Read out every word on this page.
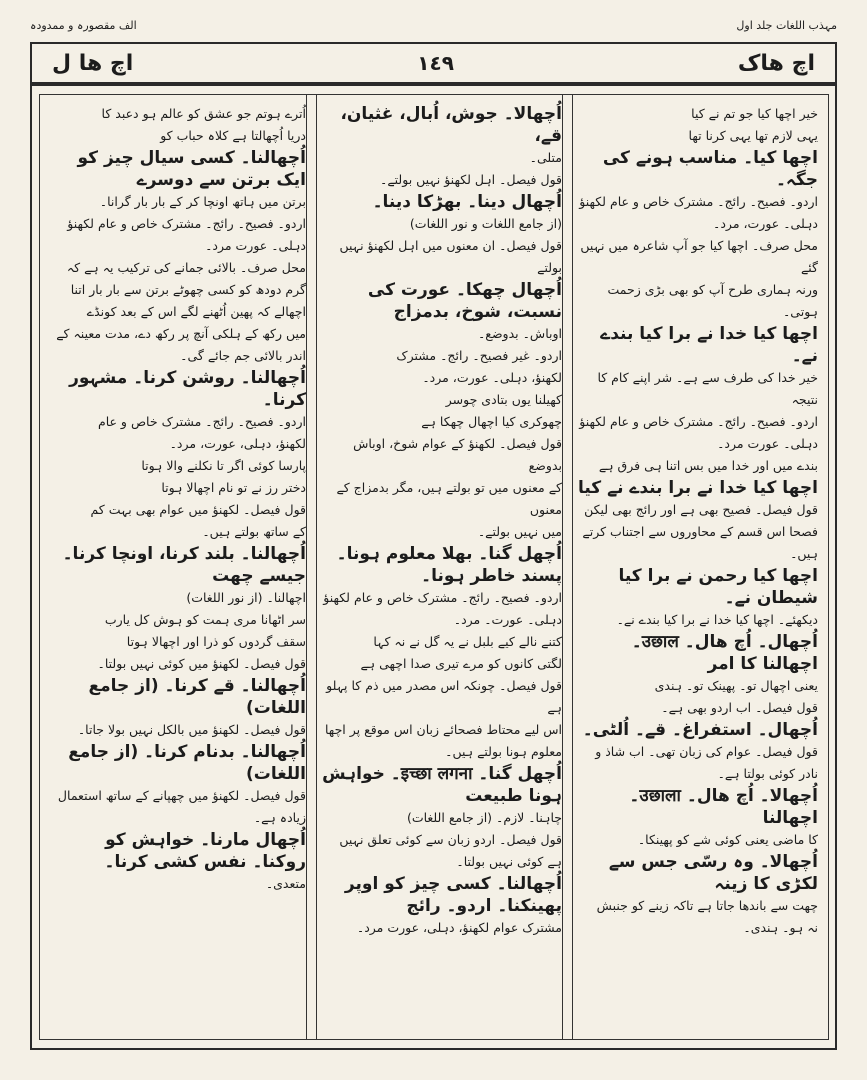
مہذب اللغات جلد اول
الف مقصورہ و ممدودہ
اچ ھاک
١٤٩
اچ ھا ل
خیر اچھا کیا جو تم نے کیا
یہی لازم تھا یہی کرنا تھا
اچھا کیا۔ مناسب ہونے کی جگہ۔
اردو۔ فصیح۔ رائج۔ مشترک خاص و عام لکھنؤ
دہلی۔ عورت، مرد۔
محل صرف۔ اچھا کیا جو آپ شاعرہ میں نہیں گئے
ورنہ ہماری طرح آپ کو بھی بڑی زحمت ہوتی۔
اچھا کیا خدا نے برا کیا بندے نے۔
خیر خدا کی طرف سے ہے۔ شر اپنے کام کا نتیجہ
اردو۔ فصیح۔ رائج۔ مشترک خاص و عام لکھنؤ
دہلی۔ عورت مرد۔
بندے میں اور خدا میں بس اتنا ہی فرق ہے
اچھا کیا خدا نے برا بندے نے کیا
قول فیصل۔ فصیح بھی ہے اور رائج بھی لیکن
فصحا اس قسم کے محاوروں سے اجتناب کرتے
ہیں۔
اچھا کیا رحمن نے برا کیا شیطان نے۔
دیکھئے۔ اچھا کیا خدا نے برا کیا بندے نے۔
اُچھال۔ اُچ ھال۔ उछाल۔ اچھالنا کا امر
یعنی اچھال تو۔ پھینک تو۔ ہندی
قول فیصل۔ اب اردو بھی ہے۔
اُچھال۔ استفراغ۔ قے۔ اُلٹی۔
قول فیصل۔ عوام کی زبان تھی۔ اب شاذ و
نادر کوئی بولتا ہے۔
اُچھالا۔ اُچ ھال۔ उछाला۔ اچھالنا
کا ماضی یعنی کوئی شے کو پھینکا۔
اُچھالا۔ وہ رسّی جس سے لکڑی کا زینہ
چھت سے باندھا جاتا ہے تاکہ زینے کو جنبش
نہ ہو۔ ہندی۔
اُچھالا۔ جوش، اُبال، غثیان، قے،
متلی۔
قول فیصل۔ اہل لکھنؤ نہیں بولتے۔
اُچھال دینا۔ بھڑکا دینا۔
(از جامع اللغات و نور اللغات)
قول فیصل۔ ان معنوں میں اہل لکھنؤ نہیں بولتے
اُچھال چھکا۔ عورت کی نسبت، شوخ، بدمزاج
اوباش۔ بدوضع۔
اردو۔ غیر فصیح۔ رائج۔ مشترک
لکھنؤ، دہلی۔ عورت، مرد۔
کھیلنا یوں بتادی چوسر
چھوکری کیا اچھال چھکا ہے
قول فیصل۔ لکھنؤ کے عوام شوخ، اوباش بدوضع
کے معنوں میں تو بولتے ہیں، مگر بدمزاج کے معنوں
میں نہیں بولتے۔
اُچھل گنا۔ بھلا معلوم ہونا۔ پسند خاطر ہونا۔
اردو۔ فصیح۔ رائج۔ مشترک خاص و عام لکھنؤ
دہلی۔ عورت۔ مرد۔
کتنے نالے کیے بلبل نے یہ گل نے نہ کہا
لگتی کانوں کو مرے تیری صدا اچھی ہے
قول فیصل۔ چونکہ اس مصدر میں ذم کا پہلو ہے
اس لیے محتاط فصحائے زبان اس موقع پر اچھا
معلوم ہونا بولتے ہیں۔
اُچھل گنا۔ इच्छा लगना۔ خواہش ہونا طبیعت
چاہنا۔ لازم۔ (از جامع اللغات)
قول فیصل۔ اردو زبان سے کوئی تعلق نہیں
ہے کوئی نہیں بولتا۔
اُچھالنا۔ کسی چیز کو اوپر پھینکنا۔ اردو۔ رائج
مشترک عوام لکھنؤ، دہلی، عورت مرد۔
اُترے ہوتم جو عشق کو عالم ہو دعبد کا
دریا اُچھالتا ہے کلاہ حباب کو
اُچھالنا۔ کسی سیال چیز کو ایک برتن سے دوسرے
برتن میں ہاتھ اونچا کر کے بار بار گرانا۔
اردو۔ فصیح۔ رائج۔ مشترک خاص و عام لکھنؤ
دہلی۔ عورت مرد۔
محل صرف۔ بالائی جمانے کی ترکیب یہ ہے کہ
گرم دودھ کو کسی چھوٹے برتن سے بار بار اتنا
اچھالے کہ پھین اُٹھنے لگے اس کے بعد کونڈے
میں رکھ کے ہلکی آنچ پر رکھ دے، مدت معینہ کے
اندر بالائی جم جائے گی۔
اُچھالنا۔ روشن کرنا۔ مشہور کرنا۔
اردو۔ فصیح۔ رائج۔ مشترک خاص و عام
لکھنؤ، دہلی، عورت، مرد۔
پارسا کوئی اگر تا نکلنے والا ہوتا
دختر رز نے تو نام اچھالا ہوتا
قول فیصل۔ لکھنؤ میں عوام بھی بہت کم
کے ساتھ بولتے ہیں۔
اُچھالنا۔ بلند کرنا، اونچا کرنا۔ جیسے چھت
اچھالنا۔ (از نور اللغات)
سر اٹھانا مری ہمت کو ہوش کل یارب
سقف گردوں کو ذرا اور اچھالا ہوتا
قول فیصل۔ لکھنؤ میں کوئی نہیں بولتا۔
اُچھالنا۔ قے کرنا۔ (از جامع اللغات)
قول فیصل۔ لکھنؤ میں بالکل نہیں بولا جاتا۔
اُچھالنا۔ بدنام کرنا۔ (از جامع اللغات)
قول فیصل۔ لکھنؤ میں چھپانے کے ساتھ استعمال زیادہ ہے۔
اُچھال مارنا۔ خواہش کو روکنا۔ نفس کشی کرنا۔
متعدی۔
